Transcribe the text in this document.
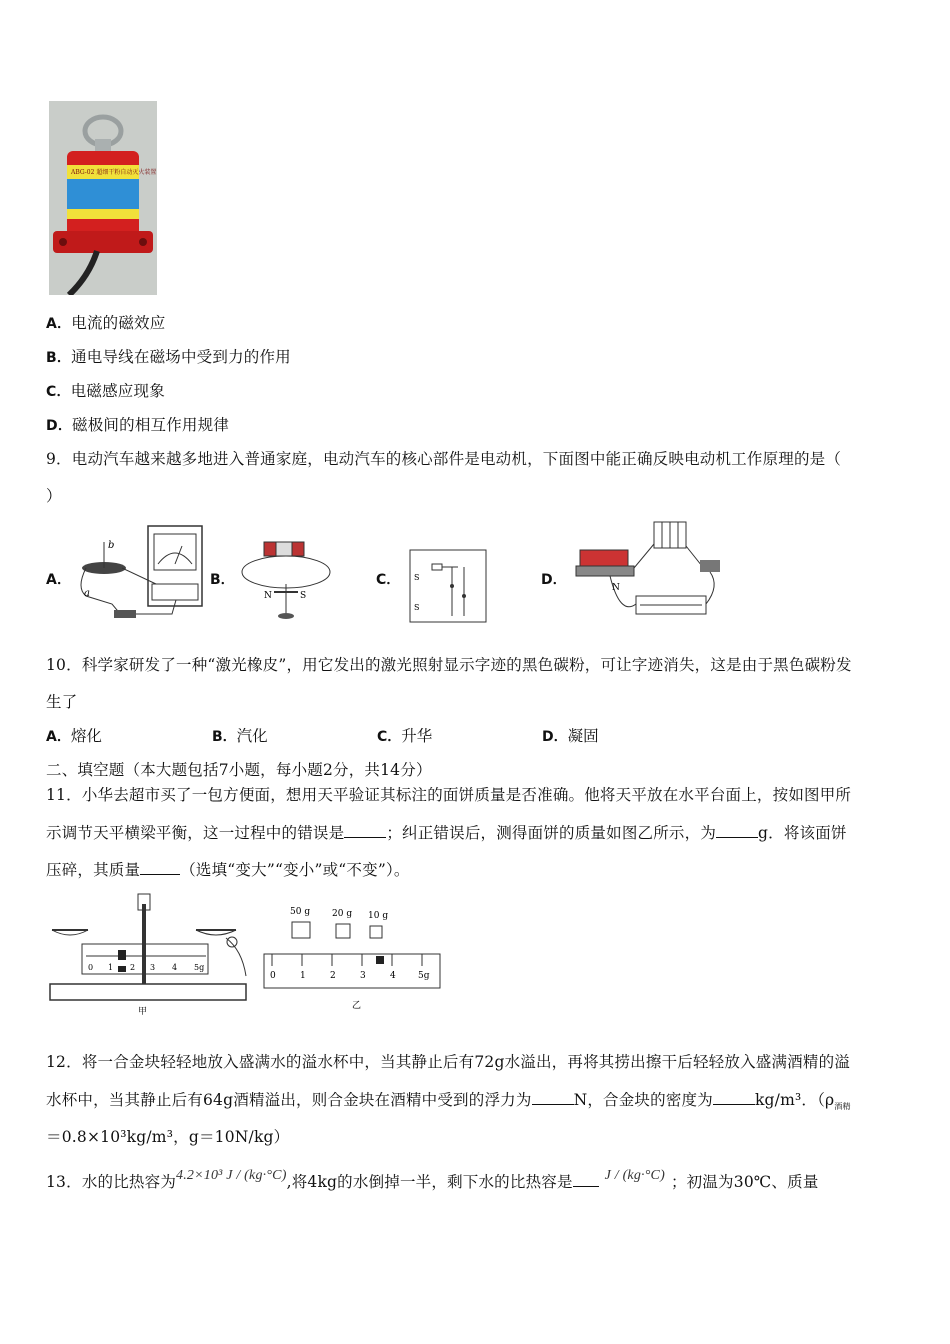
ABG-02 超细干粉自动灭火装置
A．电流的磁效应
B．通电导线在磁场中受到力的作用
C．电磁感应现象
D．磁极间的相互作用规律
9．电动汽车越来越多地进入普通家庭，电动汽车的核心部件是电动机，下面图中能正确反映电动机工作原理的是（
）
A．
b
a
B．
N	S
C． S
S
D．	N
10．科学家研发了一种“激光橡皮”，用它发出的激光照射显示字迹的黑色碳粉，可让字迹消失，这是由于黑色碳粉发
生了
A．熔化	B．汽化	C．升华	D．凝固
二、填空题（本大题包括7小题，每小题2分，共14分）
11．小华去超市买了一包方便面，想用天平验证其标注的面饼质量是否准确。他将天平放在水平台面上，按如图甲所
示调节天平横梁平衡，这一过程中的错误是	；纠正错误后，测得面饼的质量如图乙所示，为	g．将该面饼
压碎，其质量	（选填“变大”“变小”或“不变”）。
0 1 2 3 4 5g
甲
50 g 20 g 10 g
0	1	2	3	4 5g
乙
12．将一合金块轻轻地放入盛满水的溢水杯中，当其静止后有72g水溢出，再将其捞出擦干后轻轻放入盛满酒精的溢
水杯中，当其静止后有64g酒精溢出，则合金块在酒精中受到的浮力为	N，合金块的密度为	kg/m³．（$\rho_{酒精}$
＝0.8×10³kg/m³，g＝10N/kg）
13．水的比热容为4.2×10³ J / (kg·°C),将4kg的水倒掉一半，剩下水的比热容是 J / (kg·°C) ；初温为30℃、质量
